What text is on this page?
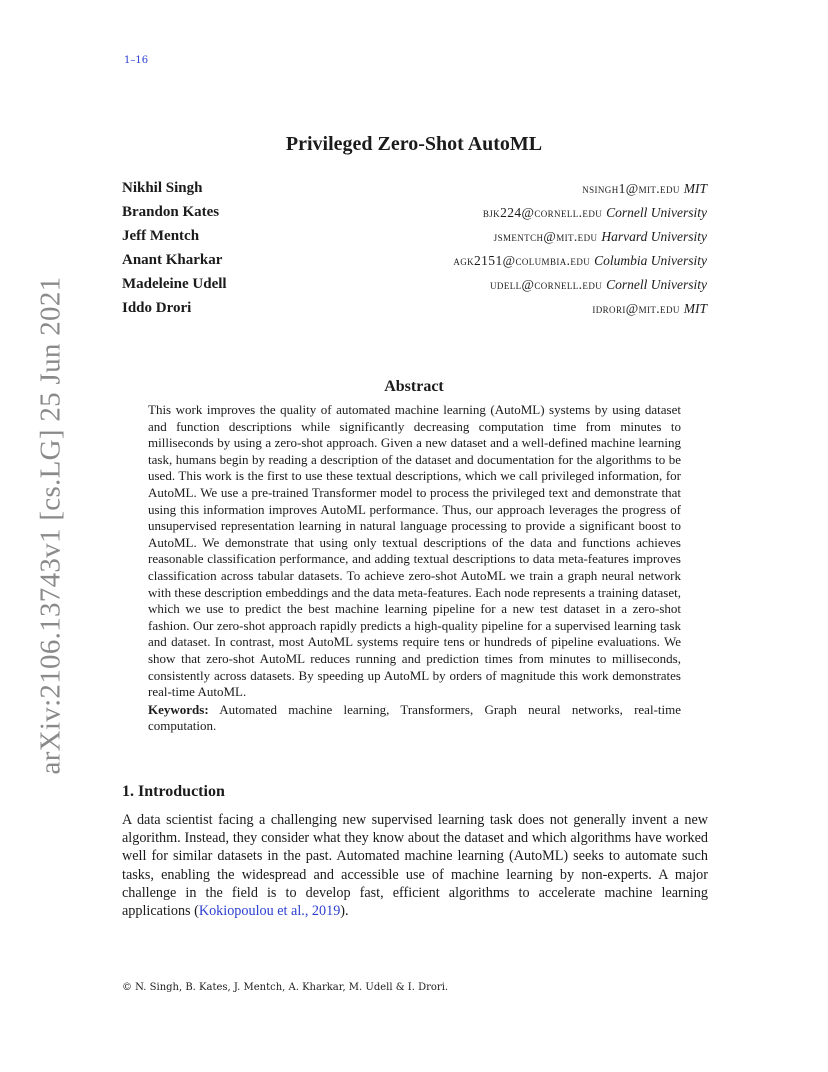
1–16
arXiv:2106.13743v1 [cs.LG] 25 Jun 2021
Privileged Zero-Shot AutoML
Nikhil Singh	nsingh1@mit.edu MIT
Brandon Kates	bjk224@cornell.edu Cornell University
Jeff Mentch	jsmentch@mit.edu Harvard University
Anant Kharkar	agk2151@columbia.edu Columbia University
Madeleine Udell	udell@cornell.edu Cornell University
Iddo Drori	idrori@mit.edu MIT
Abstract

This work improves the quality of automated machine learning (AutoML) systems by using dataset and function descriptions while significantly decreasing computation time from minutes to milliseconds by using a zero-shot approach. Given a new dataset and a well-defined machine learning task, humans begin by reading a description of the dataset and documentation for the algorithms to be used. This work is the first to use these textual descriptions, which we call privileged information, for AutoML. We use a pre-trained Transformer model to process the privileged text and demonstrate that using this information improves AutoML performance. Thus, our approach leverages the progress of unsupervised representation learning in natural language processing to provide a significant boost to AutoML. We demonstrate that using only textual descriptions of the data and functions achieves reasonable classification performance, and adding textual descriptions to data meta-features improves classification across tabular datasets. To achieve zero-shot AutoML we train a graph neural network with these description embeddings and the data meta-features. Each node represents a training dataset, which we use to predict the best machine learning pipeline for a new test dataset in a zero-shot fashion. Our zero-shot approach rapidly predicts a high-quality pipeline for a supervised learning task and dataset. In contrast, most AutoML systems require tens or hundreds of pipeline evaluations. We show that zero-shot AutoML reduces running and prediction times from minutes to milliseconds, consistently across datasets. By speeding up AutoML by orders of magnitude this work demonstrates real-time AutoML.

Keywords: Automated machine learning, Transformers, Graph neural networks, real-time computation.

1. Introduction

A data scientist facing a challenging new supervised learning task does not generally invent a new algorithm. Instead, they consider what they know about the dataset and which algorithms have worked well for similar datasets in the past. Automated machine learning (AutoML) seeks to automate such tasks, enabling the widespread and accessible use of machine learning by non-experts. A major challenge in the field is to develop fast, efficient algorithms to accelerate machine learning applications (Kokiopoulou et al., 2019).

© N. Singh, B. Kates, J. Mentch, A. Kharkar, M. Udell & I. Drori.
